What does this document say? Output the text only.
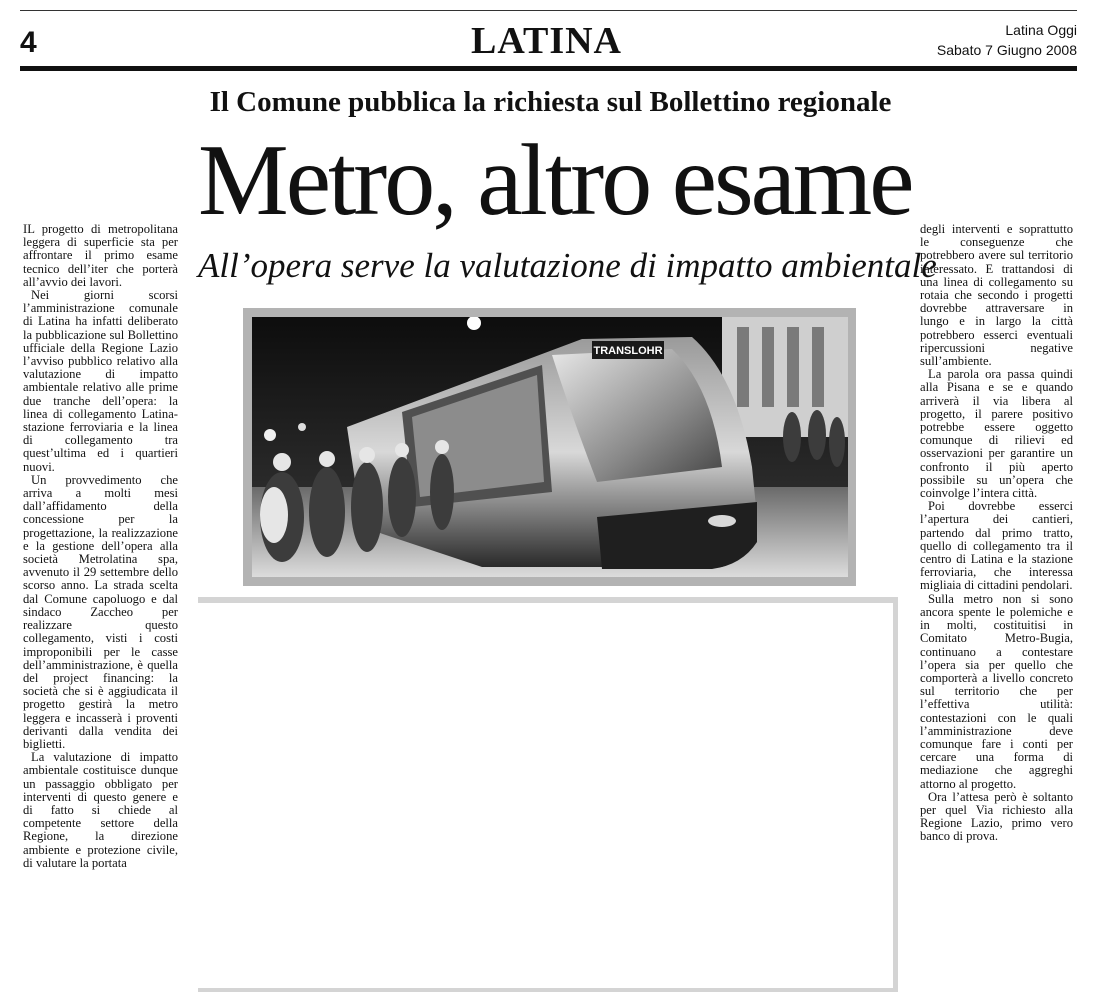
4	LATINA	Latina Oggi
Sabato 7 Giugno 2008
Il Comune pubblica la richiesta sul Bollettino regionale
Metro, altro esame
All’opera serve la valutazione di impatto ambientale
TRANSLOHR

IL progetto di metropolitana leggera di superficie sta per affrontare il primo esame tecnico dell’iter che porterà all’avvio dei lavori.

Nei giorni scorsi l’amministrazione comunale di Latina ha infatti deliberato la pubblicazione sul Bollettino ufficiale della Regione Lazio l’avviso pubblico relativo alla valutazione di impatto ambientale relativo alle prime due tranche dell’opera: la linea di collegamento Latina-stazione ferroviaria e la linea di collegamento tra quest’ultima ed i quartieri nuovi.

Un provvedimento che arriva a molti mesi dall’affidamento della concessione per la progettazione, la realizzazione e la gestione dell’opera alla società Metrolatina spa, avvenuto il 29 settembre dello scorso anno. La strada scelta dal Comune capoluogo e dal sindaco Zaccheo per realizzare questo collegamento, visti i costi improponibili per le casse dell’amministrazione, è quella del project financing: la società che si è aggiudicata il progetto gestirà la metro leggera e incasserà i proventi derivanti dalla vendita dei biglietti.

La valutazione di impatto ambientale costituisce dunque un passaggio obbligato per interventi di questo genere e di fatto si chiede al competente settore della Regione, la direzione ambiente e protezione civile, di valutare la portata

degli interventi e soprattutto le conseguenze che potrebbero avere sul territorio interessato. E trattandosi di una linea di collegamento su rotaia che secondo i progetti dovrebbe attraversare in lungo e in largo la città potrebbero esserci eventuali ripercussioni negative sull’ambiente.

La parola ora passa quindi alla Pisana e se e quando arriverà il via libera al progetto, il parere positivo potrebbe essere oggetto comunque di rilievi ed osservazioni per garantire un confronto il più aperto possibile su un’opera che coinvolge l’intera città.

Poi dovrebbe esserci l’apertura dei cantieri, partendo dal primo tratto, quello di collegamento tra il centro di Latina e la stazione ferroviaria, che interessa migliaia di cittadini pendolari.

Sulla metro non si sono ancora spente le polemiche e in molti, costituitisi in Comitato Metro-Bugia, continuano a contestare l’opera sia per quello che comporterà a livello concreto sul territorio che per l’effettiva utilità: contestazioni con le quali l’amministrazione deve comunque fare i conti per cercare una forma di mediazione che aggreghi attorno al progetto.

Ora l’attesa però è soltanto per quel Via richiesto alla Regione Lazio, primo vero banco di prova.
